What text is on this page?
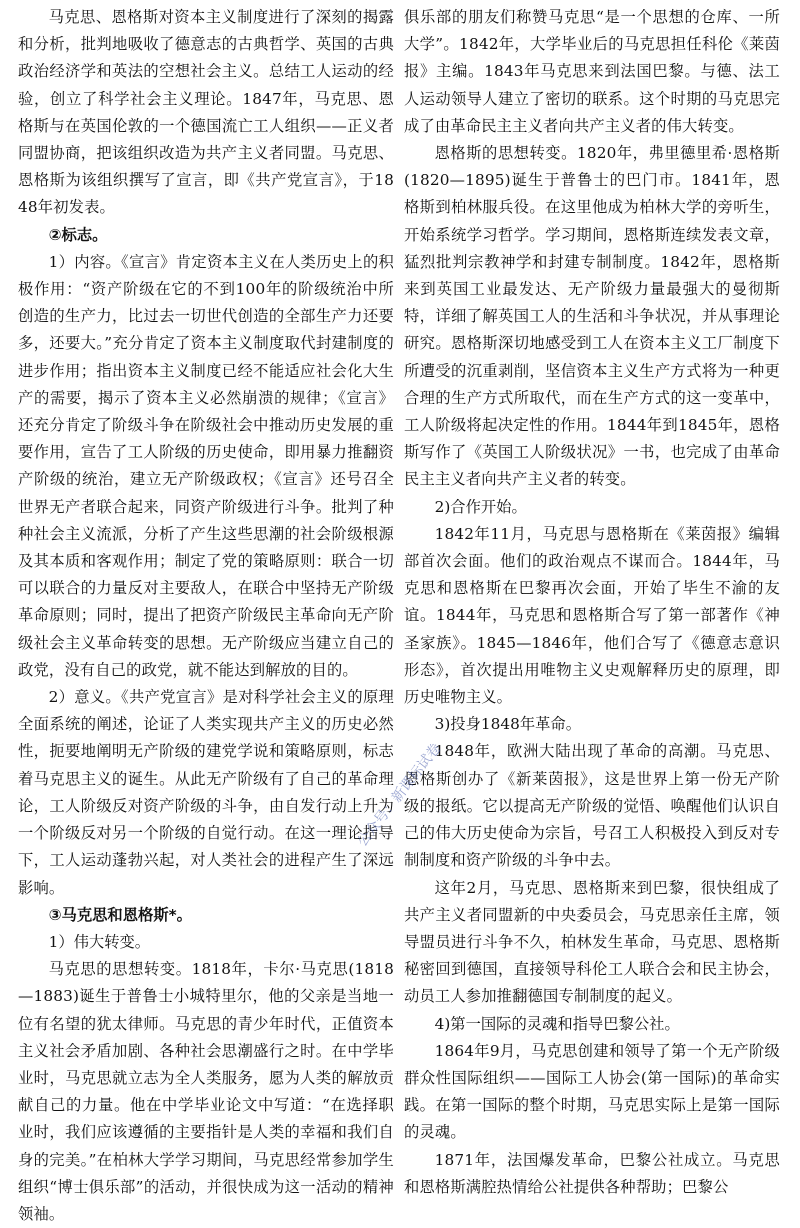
马克思、恩格斯对资本主义制度进行了深刻的揭露和分析，批判地吸收了德意志的古典哲学、英国的古典政治经济学和英法的空想社会主义。总结工人运动的经验，创立了科学社会主义理论。1847年，马克思、恩格斯与在英国伦敦的一个德国流亡工人组织——正义者同盟协商，把该组织改造为共产主义者同盟。马克思、恩格斯为该组织撰写了宣言，即《共产党宣言》，于1848年初发表。

②标志。

1）内容。《宣言》肯定资本主义在人类历史上的积极作用：“资产阶级在它的不到100年的阶级统治中所创造的生产力，比过去一切世代创造的全部生产力还要多，还要大。”充分肯定了资本主义制度取代封建制度的进步作用；指出资本主义制度已经不能适应社会化大生产的需要，揭示了资本主义必然崩溃的规律；《宣言》还充分肯定了阶级斗争在阶级社会中推动历史发展的重要作用，宣告了工人阶级的历史使命，即用暴力推翻资产阶级的统治，建立无产阶级政权；《宣言》还号召全世界无产者联合起来，同资产阶级进行斗争。批判了种种社会主义流派，分析了产生这些思潮的社会阶级根源及其本质和客观作用；制定了党的策略原则：联合一切可以联合的力量反对主要敌人，在联合中坚持无产阶级革命原则；同时，提出了把资产阶级民主革命向无产阶级社会主义革命转变的思想。无产阶级应当建立自己的政党，没有自己的政党，就不能达到解放的目的。

2）意义。《共产党宣言》是对科学社会主义的原理全面系统的阐述，论证了人类实现共产主义的历史必然性，扼要地阐明无产阶级的建党学说和策略原则，标志着马克思主义的诞生。从此无产阶级有了自己的革命理论，工人阶级反对资产阶级的斗争，由自发行动上升为一个阶级反对另一个阶级的自觉行动。在这一理论指导下，工人运动蓬勃兴起，对人类社会的进程产生了深远影响。

③马克思和恩格斯*。

1）伟大转变。

马克思的思想转变。1818年，卡尔·马克思(1818—1883)诞生于普鲁士小城特里尔，他的父亲是当地一位有名望的犹太律师。马克思的青少年时代，正值资本主义社会矛盾加剧、各种社会思潮盛行之时。在中学毕业时，马克思就立志为全人类服务，愿为人类的解放贡献自己的力量。他在中学毕业论文中写道：“在选择职业时，我们应该遵循的主要指针是人类的幸福和我们自身的完美。”在柏林大学学习期间，马克思经常参加学生组织“博士俱乐部”的活动，并很快成为这一活动的精神领袖。

俱乐部的朋友们称赞马克思“是一个思想的仓库、一所大学”。1842年，大学毕业后的马克思担任科伦《莱茵报》主编。1843年马克思来到法国巴黎。与德、法工人运动领导人建立了密切的联系。这个时期的马克思完成了由革命民主主义者向共产主义者的伟大转变。

恩格斯的思想转变。1820年，弗里德里希·恩格斯(1820—1895)诞生于普鲁士的巴门市。1841年，恩格斯到柏林服兵役。在这里他成为柏林大学的旁听生，开始系统学习哲学。学习期间，恩格斯连续发表文章，猛烈批判宗教神学和封建专制制度。1842年，恩格斯来到英国工业最发达、无产阶级力量最强大的曼彻斯特，详细了解英国工人的生活和斗争状况，并从事理论研究。恩格斯深切地感受到工人在资本主义工厂制度下所遭受的沉重剥削，坚信资本主义生产方式将为一种更合理的生产方式所取代，而在生产方式的这一变革中，工人阶级将起决定性的作用。1844年到1845年，恩格斯写作了《英国工人阶级状况》一书，也完成了由革命民主主义者向共产主义者的转变。

2)合作开始。

1842年11月，马克思与恩格斯在《莱茵报》编辑部首次会面。他们的政治观点不谋而合。1844年，马克思和恩格斯在巴黎再次会面，开始了毕生不渝的友谊。1844年，马克思和恩格斯合写了第一部著作《神圣家族》。1845—1846年，他们合写了《德意志意识形态》，首次提出用唯物主义史观解释历史的原理，即历史唯物主义。

3)投身1848年革命。

1848年，欧洲大陆出现了革命的高潮。马克思、恩格斯创办了《新莱茵报》，这是世界上第一份无产阶级的报纸。它以提高无产阶级的觉悟、唤醒他们认识自己的伟大历史使命为宗旨，号召工人积极投入到反对专制制度和资产阶级的斗争中去。

这年2月，马克思、恩格斯来到巴黎，很快组成了共产主义者同盟新的中央委员会，马克思亲任主席，领导盟员进行斗争不久，柏林发生革命，马克思、恩格斯秘密回到德国，直接领导科伦工人联合会和民主协会，动员工人参加推翻德国专制制度的起义。

4)第一国际的灵魂和指导巴黎公社。

1864年9月，马克思创建和领导了第一个无产阶级群众性国际组织——国际工人协会(第一国际)的革命实践。在第一国际的整个时期，马克思实际上是第一国际的灵魂。

1871年，法国爆发革命，巴黎公社成立。马克思和恩格斯满腔热情给公社提供各种帮助；巴黎公

公众号：新课标试卷
